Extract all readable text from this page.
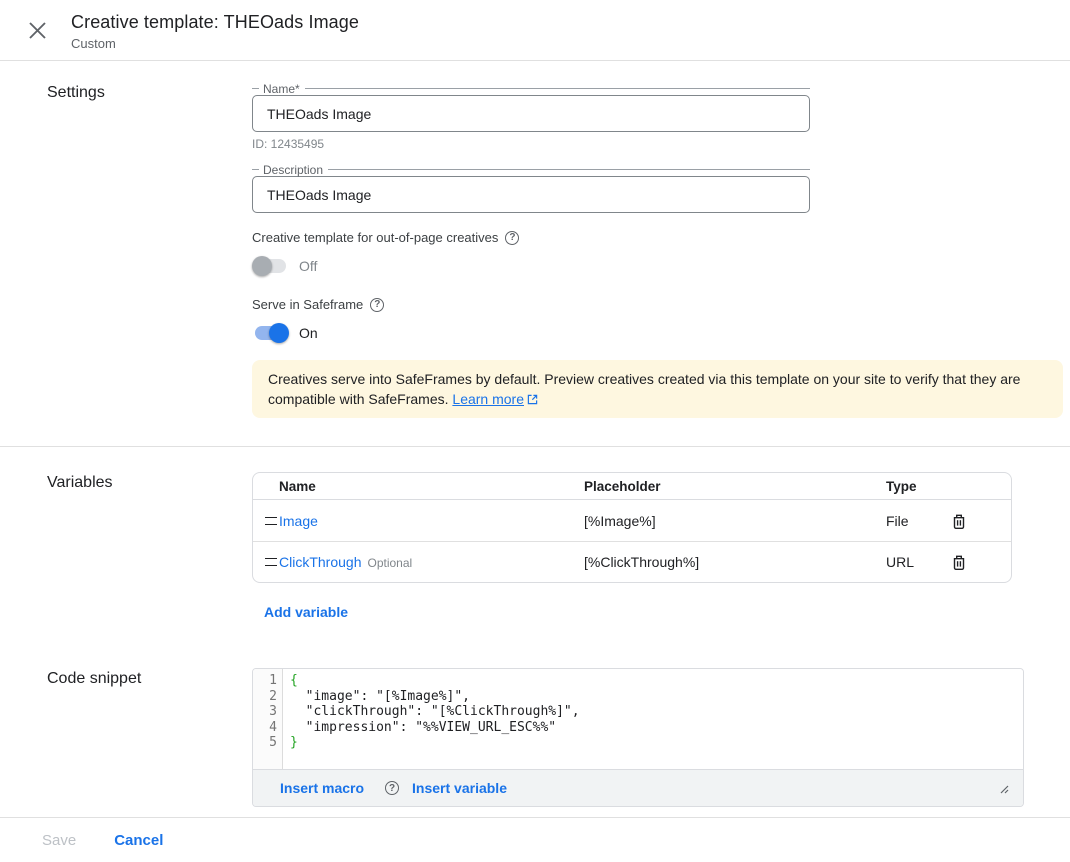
Creative template: THEOads Image
Custom
Settings	Name*
THEOads Image
ID: 12435495
Description
THEOads Image
Creative template for out-of-page creatives	?
Off
Serve in Safeframe	?
On
Creatives serve into SafeFrames by default. Preview creatives created via this template on your site to verify that they are compatible with SafeFrames. Learn more
Variables	Name	Placeholder	Type
Image	[%Image%]	File
ClickThrough Optional	[%ClickThrough%]	URL
Add variable
Code snippet	1
2
3
4
5
{
"image": "[%Image%]",
"clickThrough": "[%ClickThrough%]",
"impression": "%%VIEW_URL_ESC%%"
}
Insert macro	?	Insert variable
Save	Cancel
